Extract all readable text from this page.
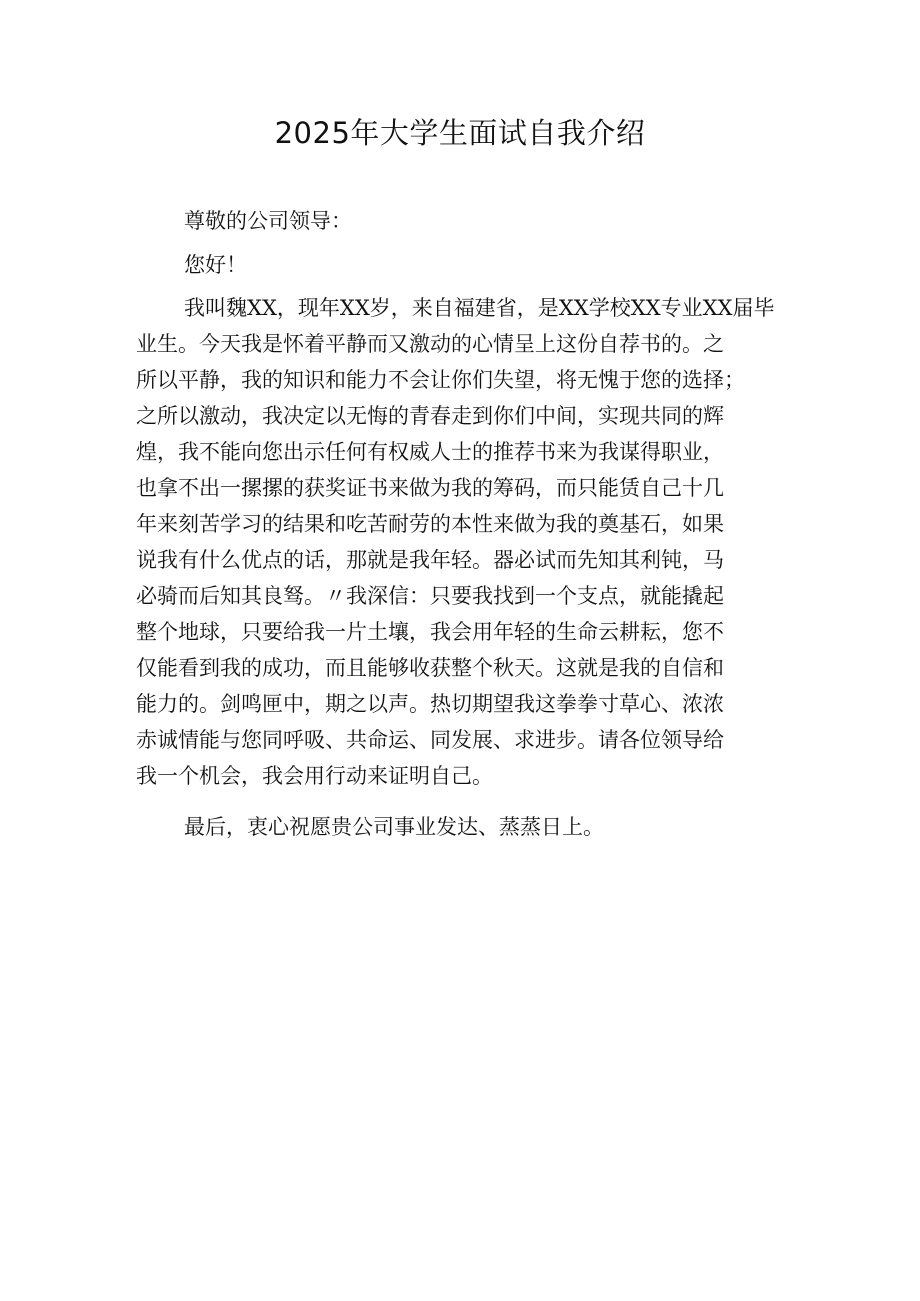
2025年大学生面试自我介绍

尊敬的公司领导：

您好！

我叫魏XX，现年XX岁，来自福建省，是XX学校XX专业XX届毕
业生。今天我是怀着平静而又激动的心情呈上这份自荐书的。之
所以平静，我的知识和能力不会让你们失望，将无愧于您的选择；
之所以激动，我决定以无悔的青春走到你们中间，实现共同的辉
煌，我不能向您出示任何有权威人士的推荐书来为我谋得职业，
也拿不出一摞摞的获奖证书来做为我的筹码，而只能赁自己十几
年来刻苦学习的结果和吃苦耐劳的本性来做为我的奠基石，如果
说我有什么优点的话，那就是我年轻。器必试而先知其利钝，马
必骑而后知其良驽。〃我深信：只要我找到一个支点，就能撬起
整个地球，只要给我一片土壤，我会用年轻的生命云耕耘，您不
仅能看到我的成功，而且能够收获整个秋天。这就是我的自信和
能力的。剑鸣匣中，期之以声。热切期望我这拳拳寸草心、浓浓
赤诚情能与您同呼吸、共命运、同发展、求进步。请各位领导给
我一个机会，我会用行动来证明自己。

最后，衷心祝愿贵公司事业发达、蒸蒸日上。
